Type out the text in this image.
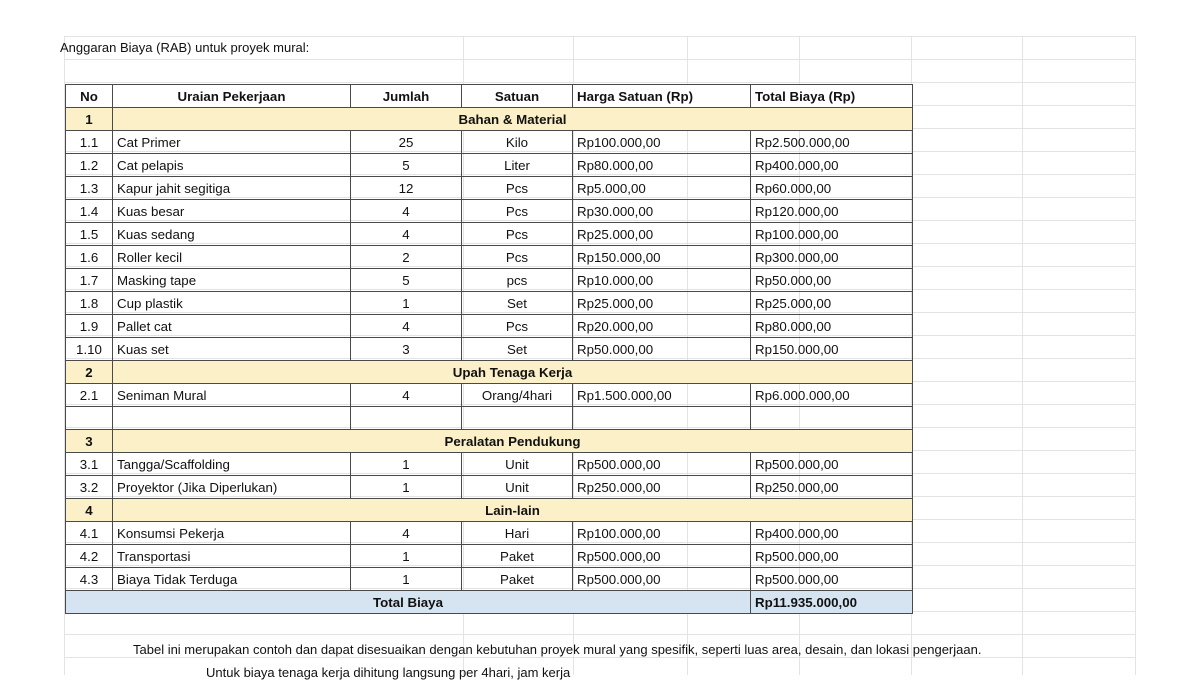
Anggaran Biaya (RAB) untuk proyek mural:
No	Uraian Pekerjaan	Jumlah	Satuan	Harga Satuan (Rp)	Total Biaya (Rp)
1	Bahan & Material				
1.1	Cat Primer	25	Kilo	Rp100.000,00	Rp2.500.000,00
1.2	Cat pelapis	5	Liter	Rp80.000,00	Rp400.000,00
1.3	Kapur jahit segitiga	12	Pcs	Rp5.000,00	Rp60.000,00
1.4	Kuas besar	4	Pcs	Rp30.000,00	Rp120.000,00
1.5	Kuas sedang	4	Pcs	Rp25.000,00	Rp100.000,00
1.6	Roller kecil	2	Pcs	Rp150.000,00	Rp300.000,00
1.7	Masking tape	5	pcs	Rp10.000,00	Rp50.000,00
1.8	Cup plastik	1	Set	Rp25.000,00	Rp25.000,00
1.9	Pallet cat	4	Pcs	Rp20.000,00	Rp80.000,00
1.10	Kuas set	3	Set	Rp50.000,00	Rp150.000,00
2	Upah Tenaga Kerja				
2.1	Seniman Mural	4	Orang/4hari	Rp1.500.000,00	Rp6.000.000,00

3	Peralatan Pendukung				
3.1	Tangga/Scaffolding	1	Unit	Rp500.000,00	Rp500.000,00
3.2	Proyektor (Jika Diperlukan)	1	Unit	Rp250.000,00	Rp250.000,00
4	Lain-lain				
4.1	Konsumsi Pekerja	4	Hari	Rp100.000,00	Rp400.000,00
4.2	Transportasi	1	Paket	Rp500.000,00	Rp500.000,00
4.3	Biaya Tidak Terduga	1	Paket	Rp500.000,00	Rp500.000,00
Total Biaya					Rp11.935.000,00
Tabel ini merupakan contoh dan dapat disesuaikan dengan kebutuhan proyek mural yang spesifik, seperti luas area, desain, dan lokasi pengerjaan.
Untuk biaya tenaga kerja dihitung langsung per 4hari, jam kerja
